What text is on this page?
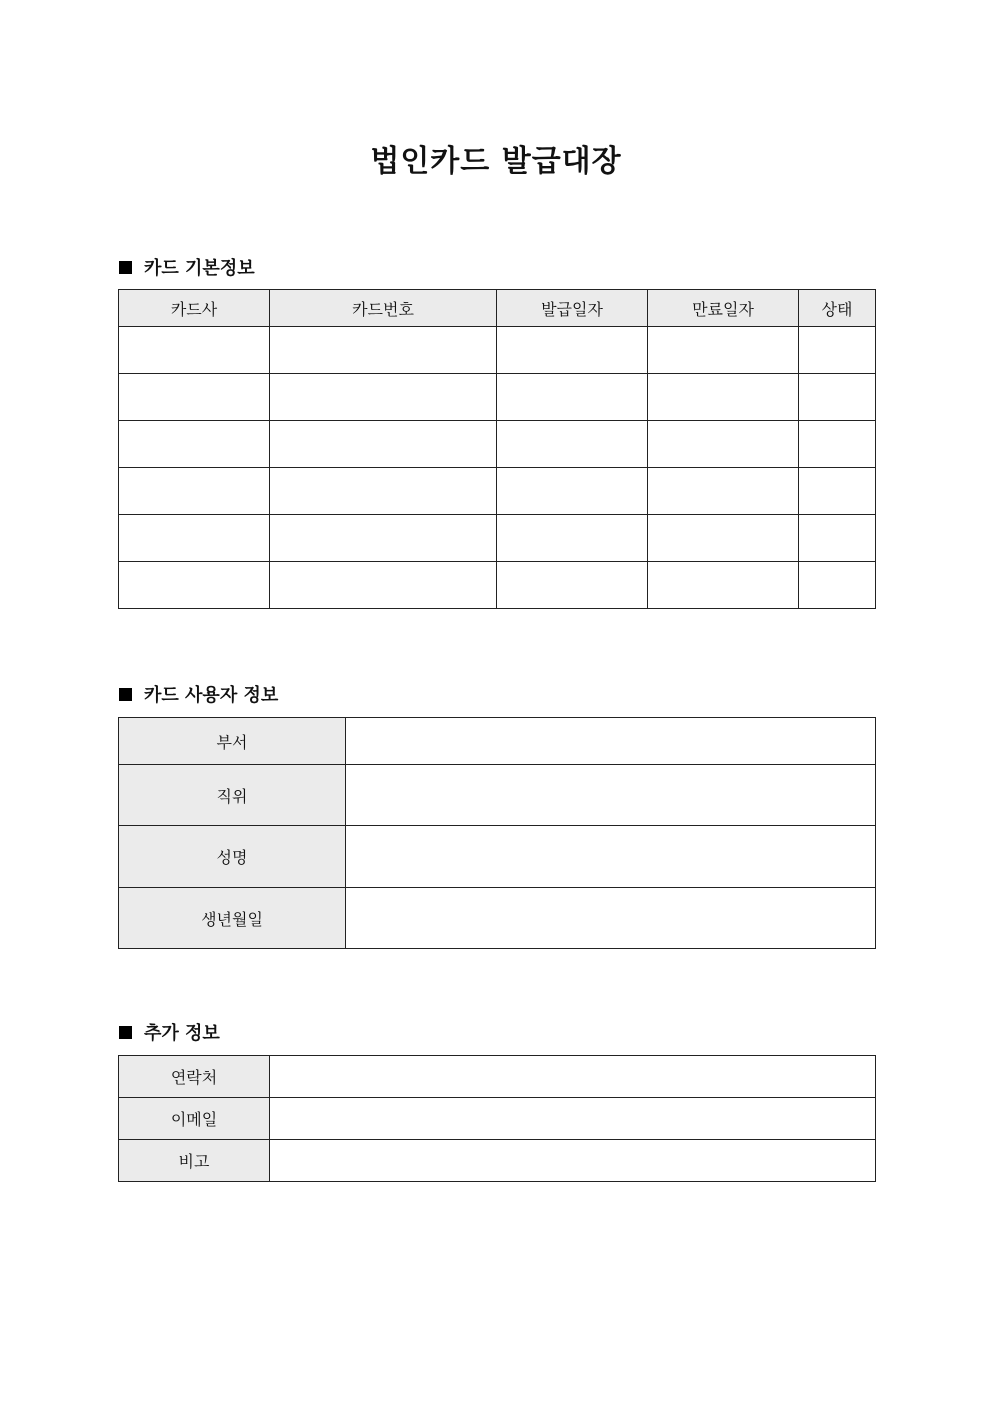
법인카드 발급대장
카드 기본정보
카드사	카드번호	발급일자	만료일자	상태

카드 사용자 정보
부서	
직위	
성명	
생년월일	
추가 정보
연락처	
이메일	
비고	
